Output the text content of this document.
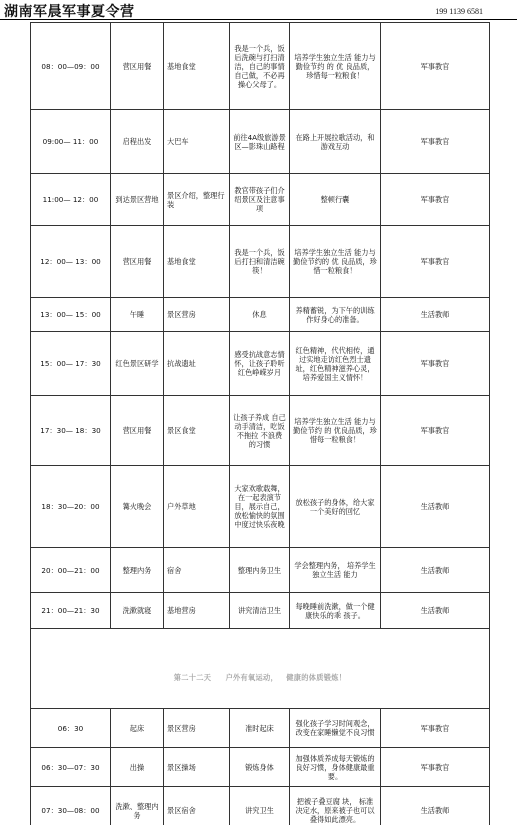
湖南军晨军事夏令营	199 1139 6581
08：00—09：00	营区用餐	基地食堂	我是一个兵，饭 后洗碗与打扫清 洁，自己的事情自己做，不必再 操心父母了。	培养学生独立生活 能力与勤俭节约 的 优 良品质，珍惜每一粒粮食！	军事教官
09:00— 11：00	启程出发	大巴车	前往4A级旅游景区—影珠山路程	在路上开展拉歌活动，和游戏互动	军事教官
11:00— 12：00	到达景区营地	景区介绍，整理行装	教官带孩子们介绍景区及注意事项	整顿行囊	军事教官
12：00— 13：00	营区用餐	基地食堂	我是一个兵，饭后打扫和清洁碗筷！	培养学生独立生活 能力与勤俭节约的 优 良品质，珍惜一粒粮食！	军事教官
13：00— 15：00	午睡	景区营房	休息	养精蓄锐，为下午的训练作好身心的准备。	生活教师
15：00— 17：30	红色景区研学	抗战遗址	感受抗战意志情怀，让孩子聆听红色峥嵘岁月	红色精神，代代相传，通过实地走访红色烈士遗址，红色精神滋养心灵，培养爱国主义情怀！	军事教官
17：30— 18：30	营区用餐	景区食堂	让孩子养成 自己动手清洁，吃饭不拖拉 不浪费 的习惯	培养学生独立生活 能力与勤俭节约 的 优良品质，珍惜每一粒粮食！	军事教官
18：30—20：00	篝火晚会	户外草地	大家欢歌载舞，在一起表演节目，展示自己，放松愉快的氛围中度过快乐夜晚	放松孩子的身体，给大家一个美好的回忆	生活教师
20：00—21：00	整理内务	宿舍	整理内务卫生	学会整理内务， 培养学生独立生活 能力	生活教师
21：00—21：30	洗漱就寝	基地营房	讲究清洁卫生	每晚睡前洗漱，做一个健康快乐的乖 孩子。	生活教师
第二十二天 户外有氧运动， 健康的体质锻炼！					
06：30	起床	景区营房	准时起床	强化孩子学习时间观念，改变在家睡懒觉不良习惯	军事教官
06：30—07：30	出操	景区操场	锻炼身体	加强体质养成每天锻炼的良好习惯，身体健康最重要。	军事教官
07：30—08：00	洗漱、整理内务	景区宿舍	讲究卫生	把被子叠豆腐 块， 标准 决定水，原来被子也可以叠得如此漂亮。	生活教师
